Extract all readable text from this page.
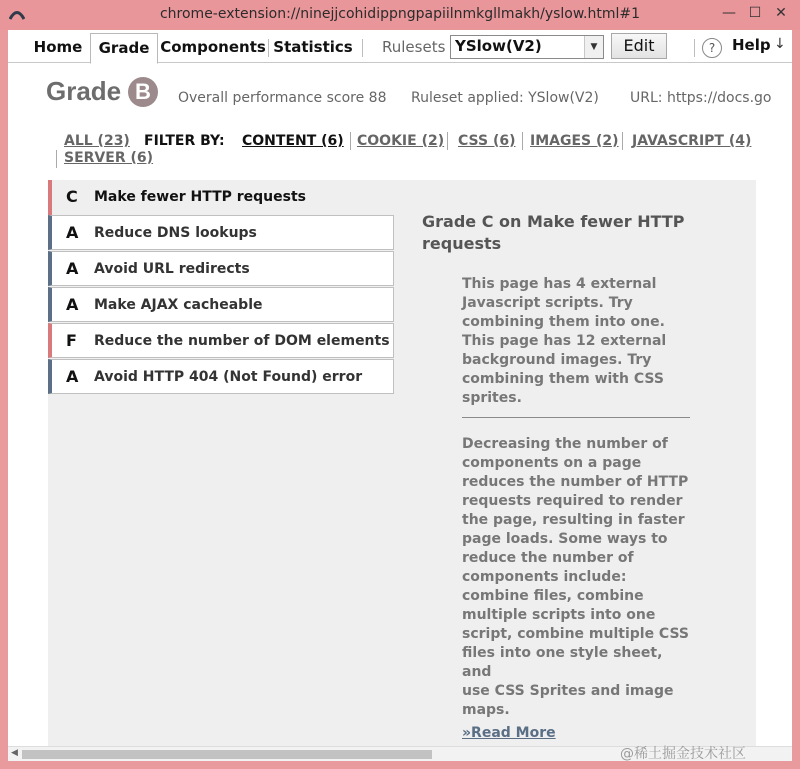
chrome-extension://ninejjcohidippngpapiilnmkgllmakh/yslow.html#1	— ☐ ✕
Home	Grade Components Statistics Rulesets YSlow(V2)	▼	Edit	?	Help ↓
Grade B	Overall performance score 88 Ruleset applied: YSlow(V2) URL: https://docs.go
ALL (23) FILTER BY: CONTENT (6) COOKIE (2) CSS (6) IMAGES (2) JAVASCRIPT (4)
SERVER (6)
C Make fewer HTTP requests
A Reduce DNS lookups
A Avoid URL redirects
A Make AJAX cacheable
F Reduce the number of DOM elements
A Avoid HTTP 404 (Not Found) error
Grade C on Make fewer HTTP
requests
This page has 4 external
Javascript scripts. Try
combining them into one.
This page has 12 external
background images. Try
combining them with CSS
sprites.
Decreasing the number of
components on a page
reduces the number of HTTP
requests required to render
the page, resulting in faster
page loads. Some ways to
reduce the number of
components include:
combine files, combine
multiple scripts into one
script, combine multiple CSS
files into one style sheet, and
use CSS Sprites and image
maps.
»Read More
◀	@稀土掘金技术社区
